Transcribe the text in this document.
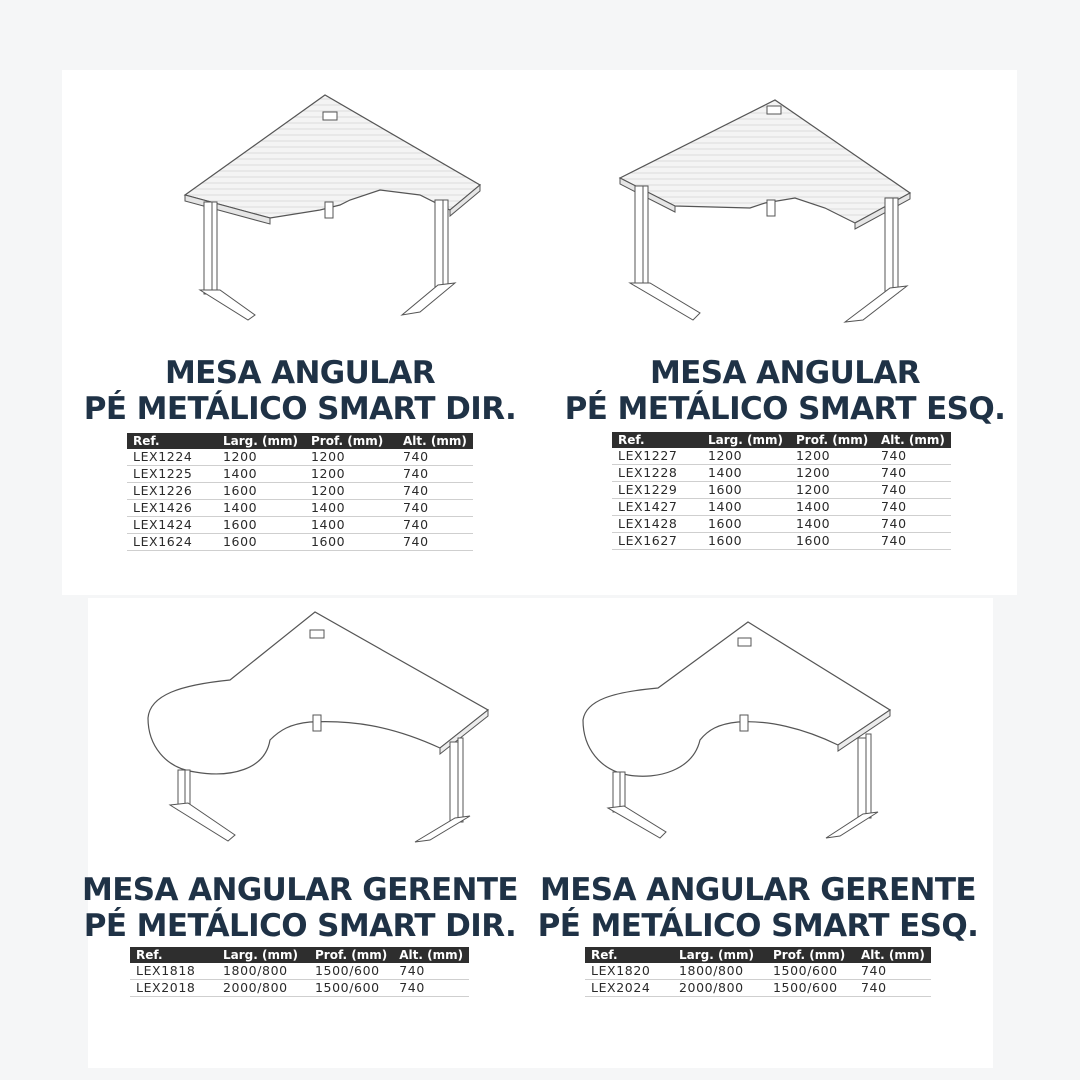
MESA ANGULAR
PÉ METÁLICO SMART DIR.
Ref.	Larg. (mm)	Prof. (mm)	Alt. (mm)
LEX1224	1200	1200	740
LEX1225	1400	1200	740
LEX1226	1600	1200	740
LEX1426	1400	1400	740
LEX1424	1600	1400	740
LEX1624	1600	1600	740
MESA ANGULAR
PÉ METÁLICO SMART ESQ.
Ref.	Larg. (mm)	Prof. (mm)	Alt. (mm)
LEX1227	1200	1200	740
LEX1228	1400	1200	740
LEX1229	1600	1200	740
LEX1427	1400	1400	740
LEX1428	1600	1400	740
LEX1627	1600	1600	740
MESA ANGULAR GERENTE
PÉ METÁLICO SMART DIR.
Ref.	Larg. (mm)	Prof. (mm)	Alt. (mm)
LEX1818	1800/800	1500/600	740
LEX2018	2000/800	1500/600	740
MESA ANGULAR GERENTE
PÉ METÁLICO SMART ESQ.
Ref.	Larg. (mm)	Prof. (mm)	Alt. (mm)
LEX1820	1800/800	1500/600	740
LEX2024	2000/800	1500/600	740
